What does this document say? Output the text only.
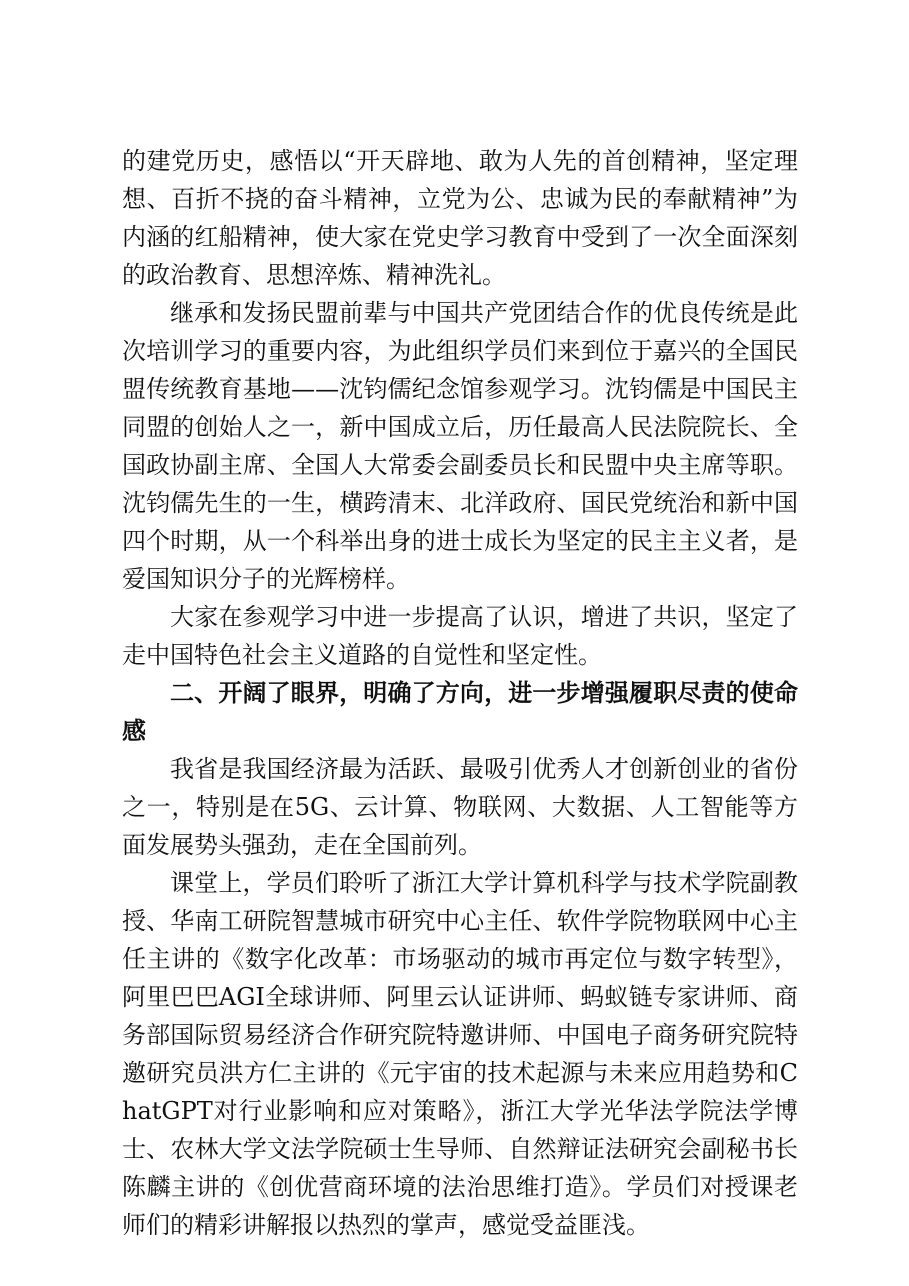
的建党历史，感悟以“开天辟地、敢为人先的首创精神，坚定理想、百折不挠的奋斗精神，立党为公、忠诚为民的奉献精神”为内涵的红船精神，使大家在党史学习教育中受到了一次全面深刻的政治教育、思想淬炼、精神洗礼。

继承和发扬民盟前辈与中国共产党团结合作的优良传统是此次培训学习的重要内容，为此组织学员们来到位于嘉兴的全国民盟传统教育基地——沈钧儒纪念馆参观学习。沈钧儒是中国民主同盟的创始人之一，新中国成立后，历任最高人民法院院长、全国政协副主席、全国人大常委会副委员长和民盟中央主席等职。沈钧儒先生的一生，横跨清末、北洋政府、国民党统治和新中国四个时期，从一个科举出身的进士成长为坚定的民主主义者，是爱国知识分子的光辉榜样。

大家在参观学习中进一步提高了认识，增进了共识，坚定了走中国特色社会主义道路的自觉性和坚定性。

二、开阔了眼界，明确了方向，进一步增强履职尽责的使命感

我省是我国经济最为活跃、最吸引优秀人才创新创业的省份之一，特别是在5G、云计算、物联网、大数据、人工智能等方面发展势头强劲，走在全国前列。

课堂上，学员们聆听了浙江大学计算机科学与技术学院副教授、华南工研院智慧城市研究中心主任、软件学院物联网中心主任主讲的《数字化改革：市场驱动的城市再定位与数字转型》，阿里巴巴AGI全球讲师、阿里云认证讲师、蚂蚁链专家讲师、商务部国际贸易经济合作研究院特邀讲师、中国电子商务研究院特邀研究员洪方仁主讲的《元宇宙的技术起源与未来应用趋势和C hatGPT对行业影响和应对策略》，浙江大学光华法学院法学博士、农林大学文法学院硕士生导师、自然辩证法研究会副秘书长陈麟主讲的《创优营商环境的法治思维打造》。学员们对授课老师们的精彩讲解报以热烈的掌声，感觉受益匪浅。
